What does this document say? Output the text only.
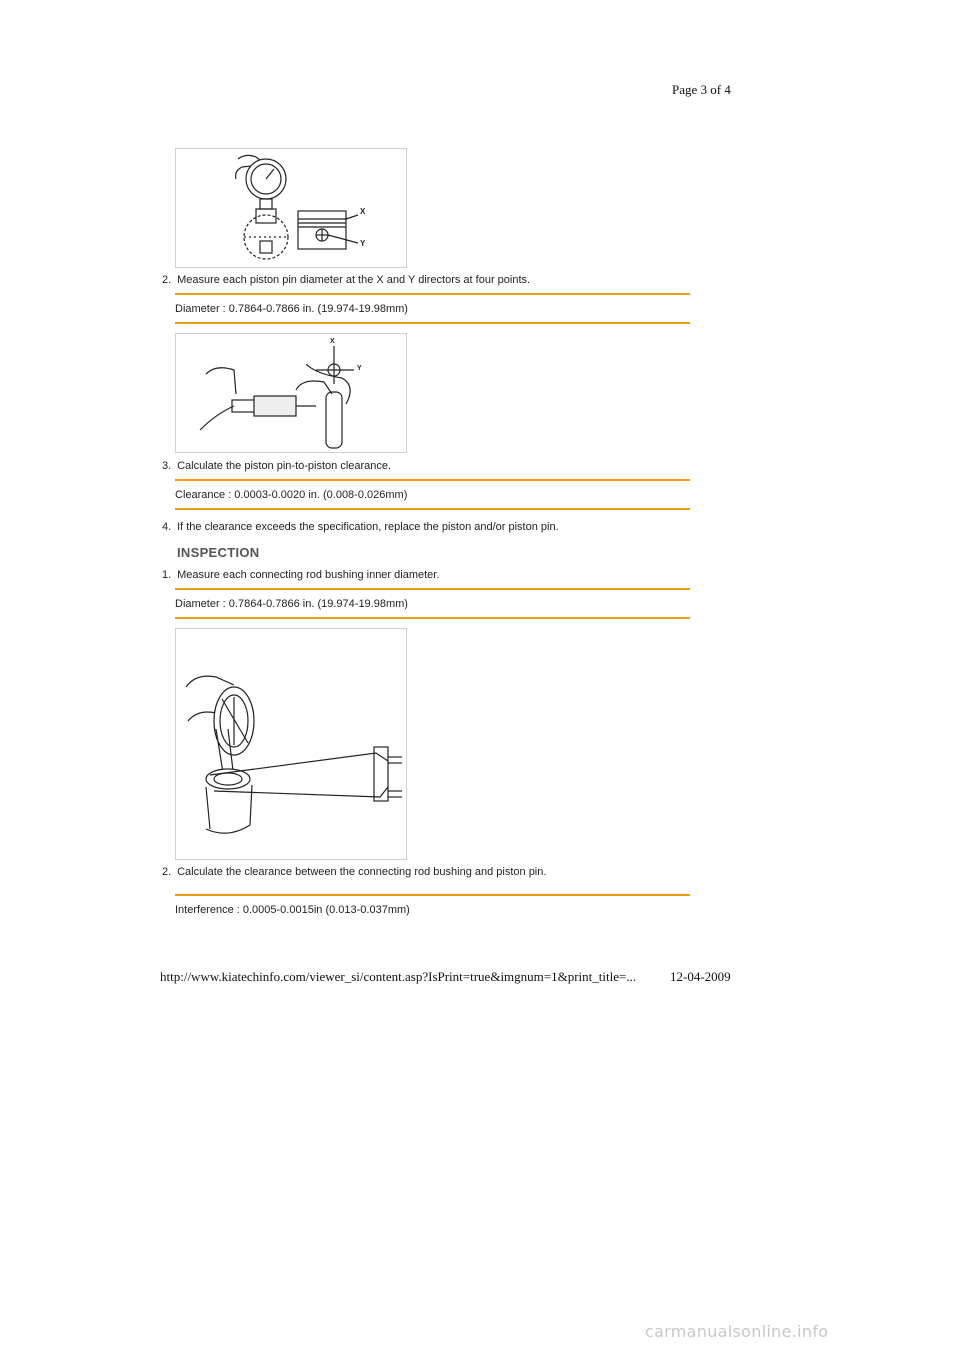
Page 3 of 4
X
Y
2. Measure each piston pin diameter at the X and Y directors at four points.
Diameter : 0.7864-0.7866 in. (19.974-19.98mm)
X
Y
3. Calculate the piston pin-to-piston clearance.
Clearance : 0.0003-0.0020 in. (0.008-0.026mm)
4. If the clearance exceeds the specification, replace the piston and/or piston pin.
INSPECTION
1. Measure each connecting rod bushing inner diameter.
Diameter : 0.7864-0.7866 in. (19.974-19.98mm)
2. Calculate the clearance between the connecting rod bushing and piston pin.
Interference : 0.0005-0.0015in (0.013-0.037mm)
http://www.kiatechinfo.com/viewer_si/content.asp?IsPrint=true&imgnum=1&print_title=...	12-04-2009
carmanualsonline.info
